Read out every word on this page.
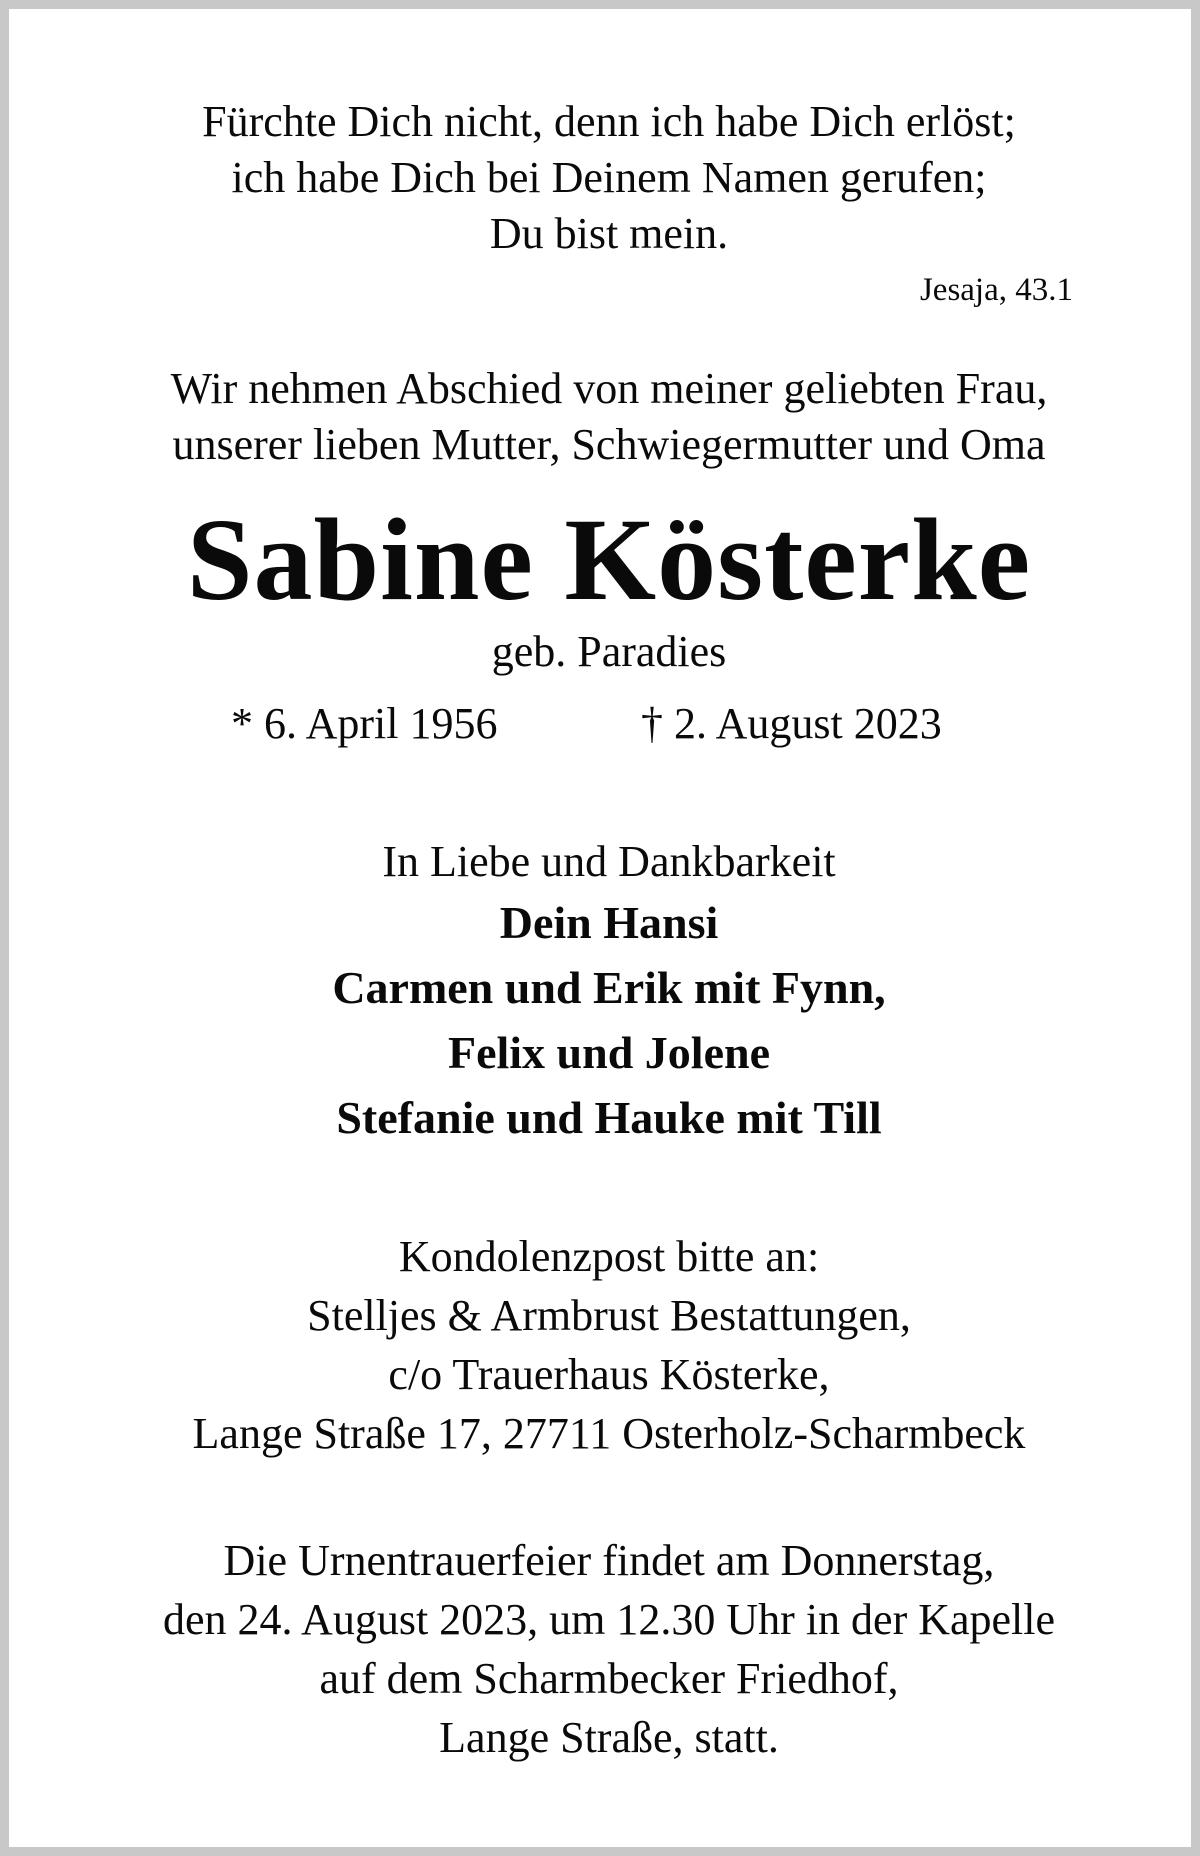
Fürchte Dich nicht, denn ich habe Dich erlöst;
ich habe Dich bei Deinem Namen gerufen;
Du bist mein.
Jesaja, 43.1
Wir nehmen Abschied von meiner geliebten Frau,
unserer lieben Mutter, Schwiegermutter und Oma
Sabine Kösterke
geb. Paradies
* 6. April 1956	† 2. August 2023
In Liebe und Dankbarkeit
Dein Hansi
Carmen und Erik mit Fynn,
Felix und Jolene
Stefanie und Hauke mit Till
Kondolenzpost bitte an:
Stelljes & Armbrust Bestattungen,
c/o Trauerhaus Kösterke,
Lange Straße 17, 27711 Osterholz-Scharmbeck
Die Urnentrauerfeier findet am Donnerstag,
den 24. August 2023, um 12.30 Uhr in der Kapelle
auf dem Scharmbecker Friedhof,
Lange Straße, statt.
